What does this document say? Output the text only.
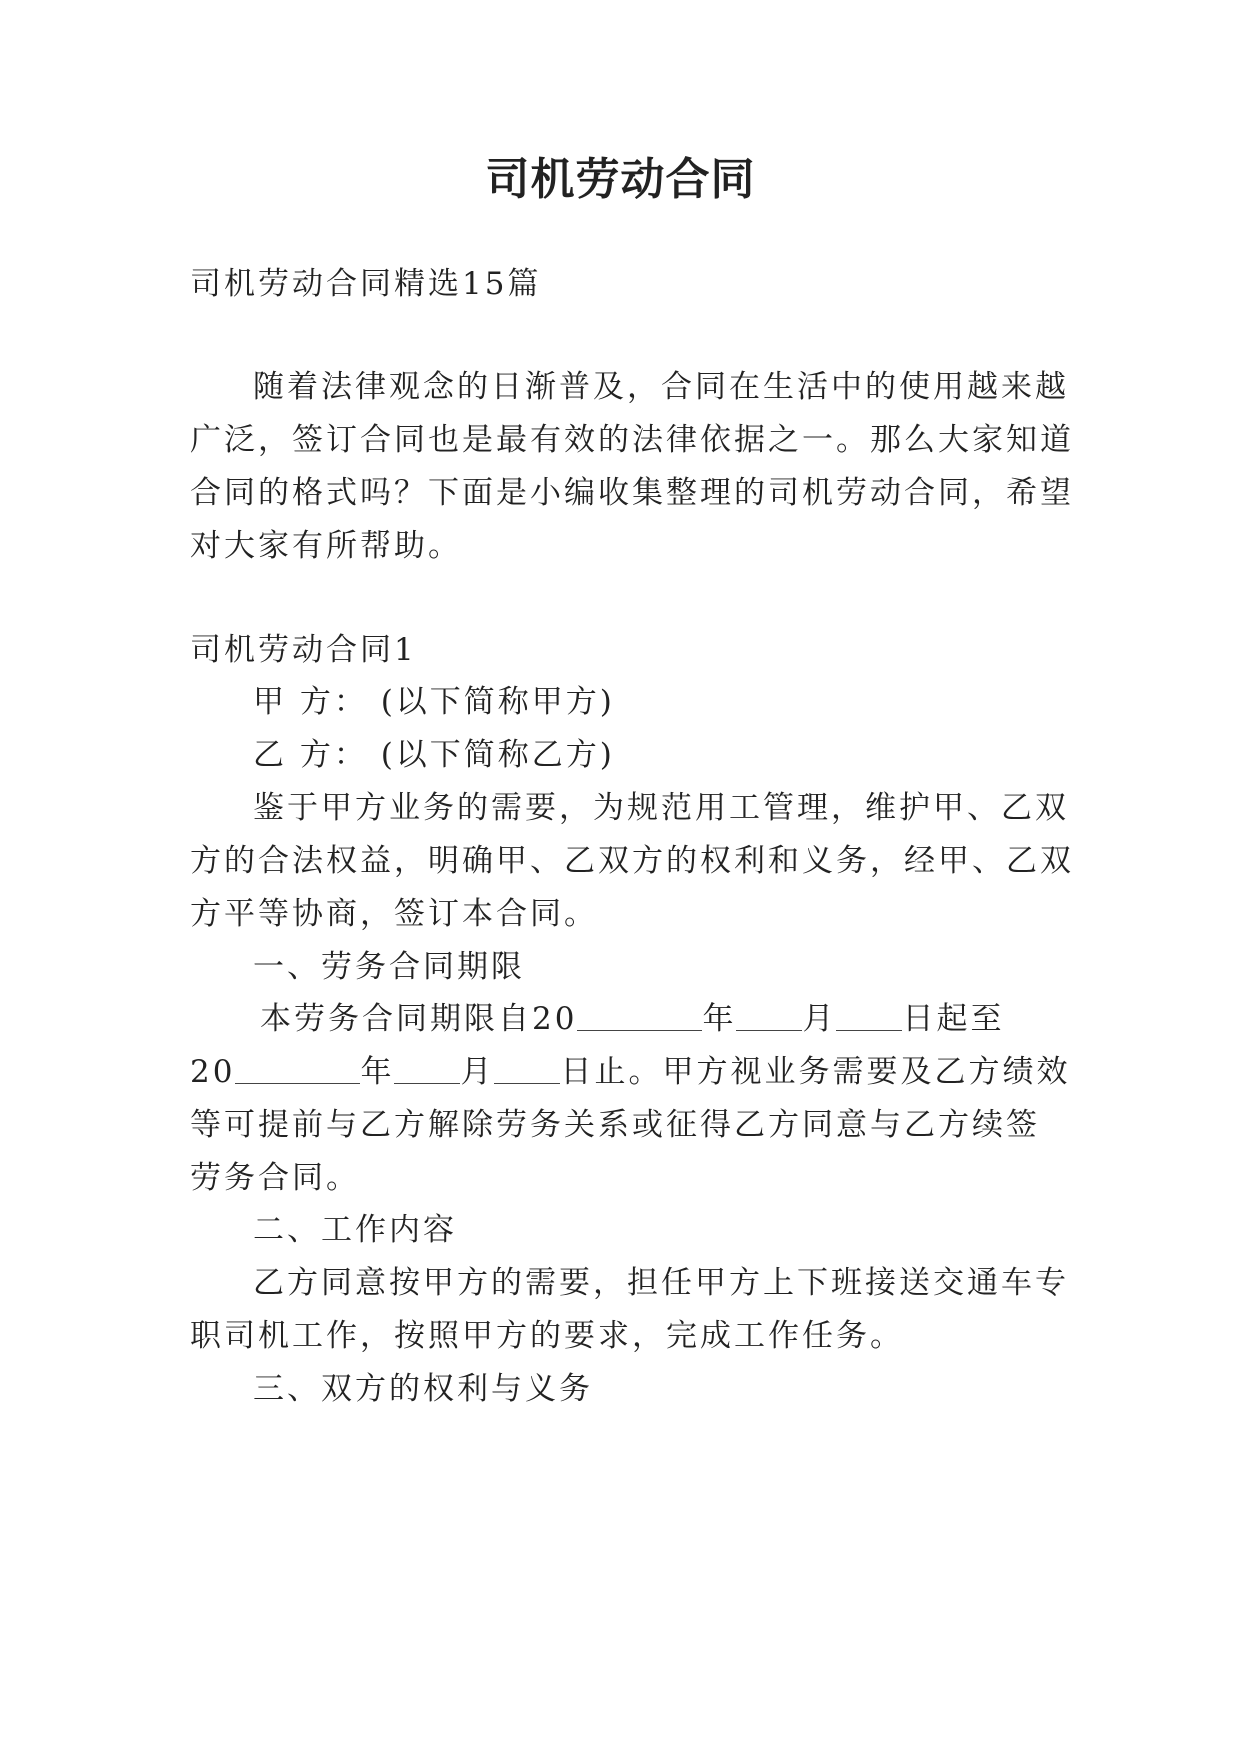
司机劳动合同
司机劳动合同精选15篇
随着法律观念的日渐普及，合同在生活中的使用越来越
广泛，签订合同也是最有效的法律依据之一。那么大家知道
合同的格式吗？下面是小编收集整理的司机劳动合同，希望
对大家有所帮助。
司机劳动合同1
甲 方： (以下简称甲方)
乙 方： (以下简称乙方)
鉴于甲方业务的需要，为规范用工管理，维护甲、乙双
方的合法权益，明确甲、乙双方的权利和义务，经甲、乙双
方平等协商，签订本合同。
一、劳务合同期限
本劳务合同期限自20	年 月 日起至
20	年 月 日止。甲方视业务需要及乙方绩效
等可提前与乙方解除劳务关系或征得乙方同意与乙方续签
劳务合同。
二、工作内容
乙方同意按甲方的需要，担任甲方上下班接送交通车专
职司机工作，按照甲方的要求，完成工作任务。
三、双方的权利与义务
